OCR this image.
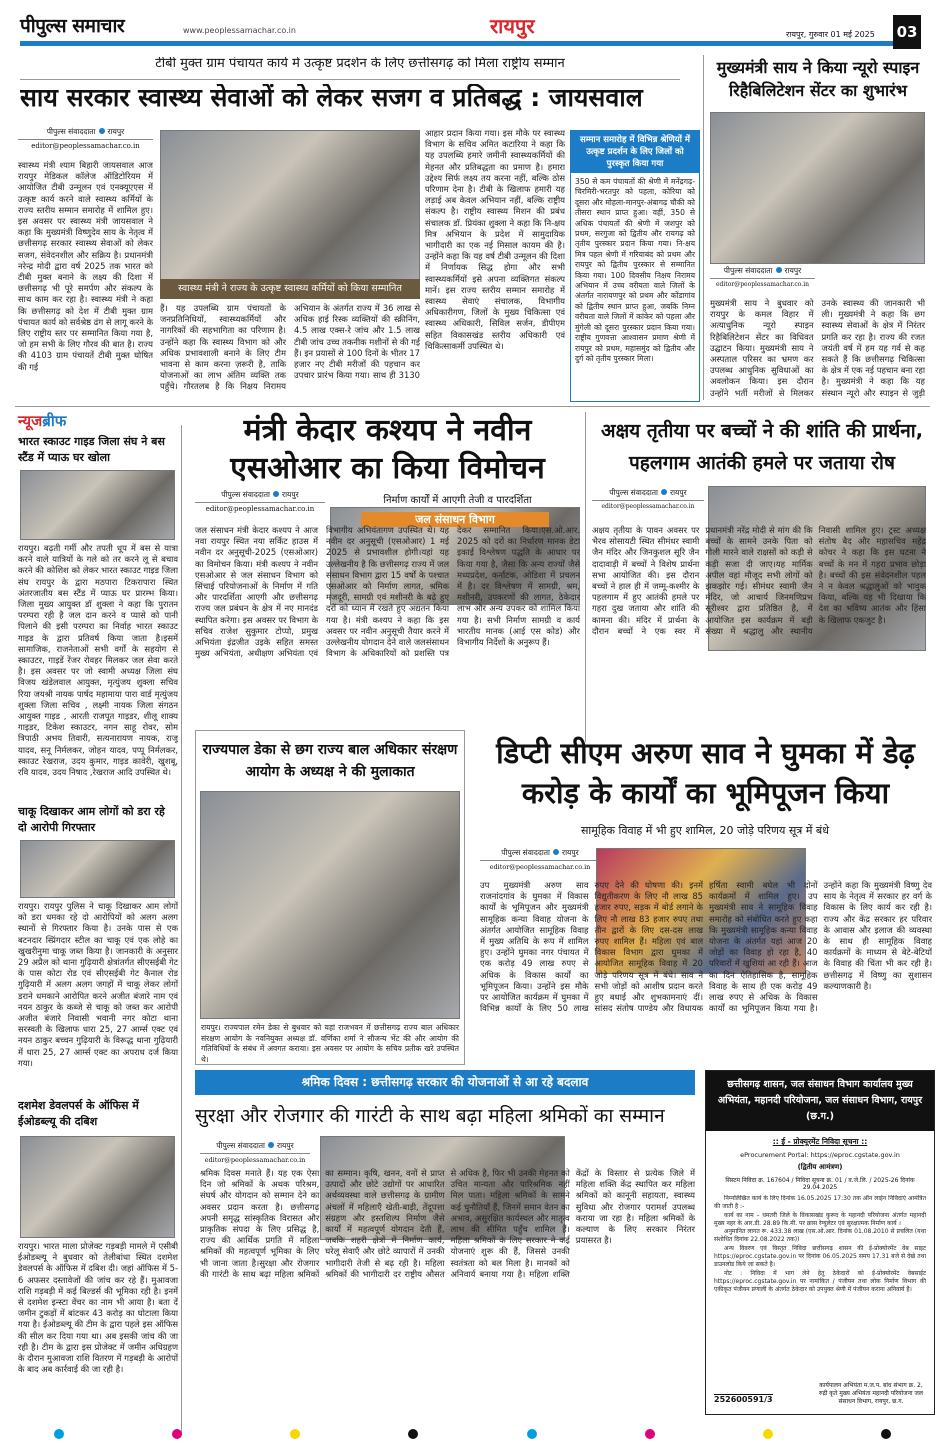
पीपुल्स समाचार	www.peoplessamachar.co.in	रायपुर	रायपुर, गुरुवार 01 मई 2025 03
टीबी मुक्त ग्राम पंचायत कार्य में उत्कृष्ट प्रदर्शन के लिए छत्तीसगढ़ को मिला राष्ट्रीय सम्मान
साय सरकार स्वास्थ्य सेवाओं को लेकर सजग व प्रतिबद्ध : जायसवाल
पीपुल्स संवाददाता रायपुर
editor@peoplessamachar.co.in
स्वास्थ्य मंत्री श्याम बिहारी जायसवाल आज रायपुर मेडिकल कॉलेज ऑडिटोरियम में आयोजित टीबी उन्मूलन एवं एनक्यूएएस में उत्कृष्ट कार्य करने वाले स्वास्थ्य कर्मियों के राज्य स्तरीय सम्मान समारोह में शामिल हुए। इस अवसर पर स्वास्थ्य मंत्री जायसवाल ने कहा कि मुख्यमंत्री विष्णुदेव साय के नेतृत्व में छत्तीसगढ़ सरकार स्वास्थ्य सेवाओं को लेकर सजग, संवेदनशील और सक्रिय है। प्रधानमंत्री नरेन्द्र मोदी द्वारा वर्ष 2025 तक भारत को टीबी मुक्त बनाने के लक्ष्य की दिशा में छत्तीसगढ़ भी पूरे समर्पण और संकल्प के साथ काम कर रहा है। स्वास्थ्य मंत्री ने कहा कि छत्तीसगढ़ को देश में टीबी मुक्त ग्राम पंचायत कार्य को सर्वश्रेष्ठ ढंग से लागू करने के लिए राष्ट्रीय स्तर पर सम्मानित किया गया है, जो हम सभी के लिए गौरव की बात है। राज्य की 4103 ग्राम पंचायतें टीबी मुक्त घोषित की गई
स्वास्थ्य मंत्री ने राज्य के उत्कृष्ट स्वास्थ्य कर्मियों को किया सम्मानित
हैं। यह उपलब्धि ग्राम पंचायतों के जनप्रतिनिधियों, स्वास्थ्यकर्मियों और नागरिकों की सहभागिता का परिणाम है। उन्होंने कहा कि स्वास्थ्य विभाग को और अधिक प्रभावशाली बनाने के लिए टीम भावना से काम करना ज़रूरी है, ताकि योजनाओं का लाभ अंतिम व्यक्ति तक पहुँचे। गौरतलब है कि निक्षय निरामय अभियान के अंतर्गत राज्य में 36 लाख से अधिक हाई रिस्क व्यक्तियों की स्क्रीनिंग, 4.5 लाख एक्स-रे जांच और 1.5 लाख टीबी जांच उच्च तकनीक मशीनों से की गई हैं। इन प्रयासों से 100 दिनों के भीतर 17 हजार नए टीबी मरीजों की पहचान कर उपचार प्रारंभ किया गया। साथ ही 3130
आहार प्रदान किया गया। इस मौके पर स्वास्थ्य विभाग के सचिव अमित कटारिया ने कहा कि यह उपलब्धि हमारे जमीनी स्वास्थ्यकर्मियों की मेहनत और प्रतिबद्धता का प्रमाण है। हमारा उद्देश्य सिर्फ लक्ष्य तय करना नहीं, बल्कि ठोस परिणाम देना है। टीबी के खिलाफ हमारी यह लड़ाई अब केवल अभियान नहीं, बल्कि राष्ट्रीय संकल्प है। राष्ट्रीय स्वास्थ्य मिशन की प्रबंध संचालक डॉ. प्रियंका शुक्ला ने कहा कि नि-क्षय मित्र अभियान के प्रदेश में सामुदायिक भागीदारी का एक नई मिसाल कायम की है। उन्होंने कहा कि यह वर्ष टीबी उन्मूलन की दिशा में निर्णायक सिद्ध होगा और सभी स्वास्थ्यकर्मियों इसे अपना व्यक्तिगत संकल्प मानें। इस राज्य स्तरीय सम्मान समारोह में स्वास्थ्य सेवाएं संचालक, विभागीय अधिकारीगण, जिलों के मुख्य चिकित्सा एवं स्वास्थ्य अधिकारी, सिविल सर्जन, डीपीएम सहित विकासखंड स्तरीय अधिकारी एवं चिकित्साकर्मी उपस्थित थे।
सम्मान समारोह में विभिन्न श्रेणियों में उत्कृष्ट प्रदर्शन के लिए जिलों को पुरस्कृत किया गया
350 से कम पंचायतों की श्रेणी में मनेंद्रगढ़-चिरमिरी-भरतपुर को पहला, कोरिया को दूसरा और मोहला-मानपुर-अंबागढ़ चौकी को तीसरा स्थान प्राप्त हुआ। वहीं, 350 से अधिक पंचायतों की श्रेणी में जशपुर को प्रथम, सरगुजा को द्वितीय और रायगढ़ को तृतीय पुरस्कार प्रदान किया गया। नि-क्षय मित्र पहल श्रेणी में गरियाबंद को प्रथम और रायपुर को द्वितीय पुरस्कार से सम्मानित किया गया। 100 दिवसीय निक्षय निरामय अभियान में उच्च वरीयता वाले जिलों के अंतर्गत नारायणपुर को प्रथम और कोंडागांव को द्वितीय स्थान प्राप्त हुआ, जबकि निम्न वरीयता वाले जिलों में कांकेर को पहला और मुंगेली को दूसरा पुरस्कार प्रदान किया गया। राष्ट्रीय गुणवत्ता आश्वासन प्रमाण श्रेणी में रायपुर को प्रथम, महासमुंद को द्वितीय और दुर्ग को तृतीय पुरस्कार मिला।
मुख्यमंत्री साय ने किया न्यूरो स्पाइन रिहैबिलिटेशन सेंटर का शुभारंभ
पीपुल्स संवाददाता रायपुर
editor@peoplessamachar.co.in
मुख्यमंत्री साय ने बुधवार को रायपुर के कमल विहार में अत्याधुनिक न्यूरो स्पाइन रिहैबिलिटेशन सेंटर का विधिवत उद्घाटन किया। मुख्यमंत्री साय ने अस्पताल परिसर का भ्रमण कर उपलब्ध आधुनिक सुविधाओं का अवलोकन किया। इस दौरान उन्होंने भर्ती मरीजों से मिलकर उनके स्वास्थ्य की जानकारी भी ली। मुख्यमंत्री ने कहा कि छग स्वास्थ्य सेवाओं के क्षेत्र में निरंतर प्रगति कर रहा है। राज्य की रजत जयंती वर्ष में हम यह गर्व से कह सकते हैं कि छत्तीसगढ़ चिकित्सा के क्षेत्र में एक नई पहचान बना रहा है। मुख्यमंत्री ने कहा कि यह संस्थान न्यूरो और स्पाइन से जुड़ी
न्यूजब्रीफ
भारत स्काउट गाइड जिला संघ ने बस स्टैंड में प्याऊ घर खोला
रायपुर। बढ़ती गर्मी और तपती धूप में बस से यात्रा करने वाले यात्रियों के गले को तर करने लू से बचाव करने की कोशिश को लेकर भारत स्काउट गाइड जिला संघ रायपुर के द्वारा मठपारा टिकरापारा स्थित अंतरजातीय बस स्टैंड में प्याऊ घर प्रारम्भ किया। जिला मुख्य आयुक्त डॉ शुक्ला ने कहा कि पुरातन परम्परा रही है जल दान करने व प्यासे को पानी पिलाने की इसी परम्परा का निर्वाह भारत स्काउट गाइड के द्वारा प्रतिवर्ष किया जाता है।इसमें सामाजिक, राजनेताओं सभी वर्गों के सहयोग से स्काउटर, गाइडें रेंजर रोवहर मिलकर जल सेवा करते है। इस अवसर पर जो स्वामी अध्यक्ष जिला संघ विजय खंडेलवाल आयुक्त, मृत्युंजय शुक्ला सचिव रिया जयश्री नायक पार्षद महामाया पारा वार्ड मृत्युंजय शुक्ला जिला सचिव , लक्ष्मी नायक जिला संगठन आयुक्त गाइड , आरती राजपूत गाइडर, शीलू शाक्य गाइडर, टिकेश स्काउटर, नगन साहू रोवर, सोम त्रिपाठी अभय तिवारी, सत्यनारायण नायक, राजू यादव, सनू निर्मलकर, जोहन यादव, पप्पू निर्मलकर, स्काउट रेखराज, उदय कुमार, गाइड कावेरी, खुशबू, रवि यादव, उदय निषाद ,रेखराज आदि उपस्थित थे।
चाकू दिखाकर आम लोगों को डरा रहे दो आरोपी गिरफ्तार
रायपुर। रायपुर पुलिस ने चाकू दिखाकर आम लोगों को डरा धमका रहे दो आरोपियों को अलग अलग स्थानों से गिरफ्तार किया है। उनके पास से एक बटनदार स्प्रिंगदार स्टील का चाकू एवं एक लोहे का खुखरीनुमा चाकू जब्त किया है। जानकारी के अनुसार 29 अप्रैल को थाना गुढ़ियारी क्षेत्रांतर्गत सीएसईबी गेट के पास कोटा रोड एवं सीएसईबी गेट कैनाल रोड गुढ़ियारी में अलग अलग जगहों में चाकू लेकर लोगों डराने धमकाने आरोपित करने अजीत बंजारे नाम एवं नयन ठाकुर के कब्जे से चाकू को जब्त कर आरोपी अजीत बंजारे निवासी भवानी नगर कोटा थाना सरस्वती के खिलाफ धारा 25, 27 आर्म्स एक्ट एवं नयन ठाकुर बच्चन गुढ़ियारी के विरूद्ध थाना गुढ़ियारी में धारा 25, 27 आर्म्स एक्ट का अपराध दर्ज किया गया।
दशमेश डेवलपर्स के ऑफिस में ईओडब्ल्यू की दबिश
रायपुर। भारत माला प्रोजेक्ट गड़बड़ी मामले में एसीबी ईओडब्ल्यू ने बुधवार को तेलीबांधा स्थित दशमेश डेवलपर्स के ऑफिस में दबिश दी। जहां ऑफिस में 5-6 अफसर दस्तावेजों की जांच कर रहे हैं। मुआवजा राशि गड़बड़ी में कई बिल्डर्स की भूमिका रही है। इनमें से दशमेश इन्स्टा वेंचर का नाम भी आया है। बता दें जमीन टुकड़ों में बांटकर 43 करोड़ का घोटाला किया गया है। ईओडब्ल्यू की टीम के द्वारा पहले इस ऑफिस की सील कर दिया गया था। अब इसकी जांच की जा रही है। टीम के द्वारा इस प्रोजेक्ट में जमीन अधिग्रहण के दौरान मुआवजा राशि वितरण में गड़बड़ी के आरोपों के बाद अब कार्रवाई की जा रही है।
मंत्री केदार कश्यप ने नवीन एसओआर का किया विमोचन
पीपुल्स संवाददाता रायपुर
editor@peoplessamachar.co.in
निर्माण कार्यों में आएगी तेजी व पारदर्शिता
जल संसाधन विभाग
जल संसाधन मंत्री केदार कश्यप ने आज नवा रायपुर स्थित नया सर्किट हाउस में नवीन दर अनुसूची-2025 (एसओआर) का विमोचन किया। मंत्री कश्यप ने नवीन एसओआर से जल संसाधन विभाग को सिंचाई परियोजनाओं के निर्माण में गति और पारदर्शिता आएगी और छत्तीसगढ़ राज्य जल प्रबंधन के क्षेत्र में नए मानदंड स्थापित करेगा। इस अवसर पर विभाग के सचिव राजेश सुकुमार टोप्पो, प्रमुख अभियंता इंद्रजीत उइके सहित समस्त मुख्य अभियंता, अधीक्षण अभियंता एवं विभागीय अभियंतागण उपस्थित थे। यह नवीन दर अनुसूची (एसओआर) 1 मई 2025 से प्रभावशील होगी।यहां यह उल्लेखनीय है कि छत्तीसगढ़ राज्य में जल संसाधन विभाग द्वारा 15 वर्षों के पश्चात एसओआर को निर्माण लागत, श्रमिक मजदूरी, सामग्री एवं मशीनरी के बढ़े हुए दरों को ध्यान में रखते हुए अद्यतन किया गया है। मंत्री कश्यप ने कहा कि इस अवसर पर नवीन अनुसूची तैयार करने में उल्लेखनीय योगदान देने वाले जलसंसाधन विभाग के अधिकारियों को प्रशस्ति पत्र देकर सम्मानित किया।एस.ओ.आर. 2025 को दरों का निर्धारण मानक डेटा इकाई विश्लेषण पद्धति के आधार पर किया गया है, जैसा कि अन्य राज्यों जैसे मध्यप्रदेश, कर्नाटक, ओडिशा में प्रचलन में है। दर विश्लेषण में सामग्री, श्रम, मशीनरी, उपकरणों की लागत, ठेकेदार लाभ और अन्य उपकर को शामिल किया गया है। सभी निर्माण सामग्री व कार्य भारतीय मानक (आई एस कोड) और विभागीय निर्देशों के अनुरूप हैं।
अक्षय तृतीया पर बच्चों ने की शांति की प्रार्थना, पहलगाम आतंकी हमले पर जताया रोष
पीपुल्स संवाददाता रायपुर
editor@peoplessamachar.co.in
अक्षय तृतीया के पावन अवसर पर भैरव सोसायटी स्थित सीमंधर स्वामी जैन मंदिर और जिनकुशल सूरि जैन दादावाड़ी में बच्चों ने विशेष प्रार्थना सभा आयोजित की। इस दौरान बच्चों ने हाल ही में जम्मू-कश्मीर के पहलगाम में हुए आतंकी हमले पर गहरा दुख जताया और शांति की कामना की। मंदिर में प्रार्थना के दौरान बच्चों ने एक स्वर में प्रधानमंत्री नरेंद्र मोदी से मांग की कि बच्चों के सामने उनके पिता को गोली मारने वाले राक्षसों को कड़ी से कड़ी सजा दी जाए।यह मार्मिक अपील वहां मौजूद सभी लोगों को झकझोर गई। सीमंधर स्वामी जैन मंदिर, जो आचार्य जिनमणिप्रभ सूरीश्वर द्वारा प्रतिष्ठित है, में आयोजित इस कार्यक्रम में बड़ी संख्या में श्रद्धालु और स्थानीय निवासी शामिल हुए। ट्रस्ट अध्यक्ष संतोष बैद और महासचिव महेंद्र कोचर ने कहा कि इस घटना ने बच्चों के मन में गहरा प्रभाव छोड़ा है। बच्चों की इस संवेदनशील पहल ने न केवल श्रद्धालुओं को भावुक किया, बल्कि यह भी दिखाया कि देश का भविष्य आतंक और हिंसा के खिलाफ एकजुट है।
राज्यपाल डेका से छग राज्य बाल अधिकार संरक्षण आयोग के अध्यक्ष ने की मुलाकात
रायपुर। राज्यपाल रमेन डेका से बुधवार को यहां राजभवन में छत्तीसगढ़ राज्य बाल अधिकार संरक्षण आयोग के नवनियुक्त अध्यक्ष डॉ. वर्णिका शर्मा ने सौजन्य भेंट की और आयोग की गतिविधियों के संबंध में अवगत कराया। इस अवसर पर आयोग के सचिव प्रतीक खरे उपस्थित थे।
डिप्टी सीएम अरुण साव ने घुमका में डेढ़ करोड़ के कार्यों का भूमिपूजन किया
सामूहिक विवाह में भी हुए शामिल, 20 जोड़े परिणय सूत्र में बंधे
पीपुल्स संवाददाता रायपुर
editor@peoplessamachar.co.in
उप मुख्यमंत्री अरुण साव राजनांदगांव के घुमका में विकास कार्यों के भूमिपूजन और मुख्यमंत्री सामूहिक कन्या विवाह योजना के अंतर्गत आयोजित सामूहिक विवाह में मुख्य अतिथि के रूप में शामिल हुए। उन्होंने घुमका नगर पंचायत में एक करोड़ 49 लाख रुपए से अधिक के विकास कार्यों का भूमिपूजन किया। उन्होंने इस मौके पर आयोजित कार्यक्रम में घुमका में विभिन्न कार्यों के लिए 50 लाख रुपए देने की घोषणा की। इनमें विद्युतीकरण के लिए नौ लाख 85 हजार रुपए, सड़क में बोर्ड लगाने के लिए नौ लाख 83 हजार रुपए तथा तीन द्वारों के लिए दस-दस लाख रुपए शामिल हैं। महिला एवं बाल विकास विभाग द्वारा घुमका में आयोजित सामूहिक विवाह में 20 जोड़े परिणय सूत्र में बंधे। साव ने सभी जोड़ों को आशीष प्रदान करते हुए बधाई और शुभकामनाएं दीं। सांसद संतोष पाण्डेय और विधायक हर्षिता स्वामी बघेल भी दोनों कार्यक्रमों में शामिल हुए। उप मुख्यमंत्री साव ने सामूहिक विवाह समारोह को संबोधित करते हुए कहा कि मुख्यमंत्री सामूहिक कन्या विवाह योजना के अंतर्गत यहां आज 20 जोड़ों का विवाह हो रहा है, 40 परिवारों में खुशियां आ रही हैं। आज का दिन ऐतिहासिक है, सामूहिक विवाह के साथ ही एक करोड़ 49 लाख रुपए से अधिक के विकास कार्यों का भूमिपूजन किया गया है। उन्होंने कहा कि मुख्यमंत्री विष्णु देव साय के नेतृत्व में सरकार हर वर्ग के विकास के लिए कार्य कर रही है। राज्य और केंद्र सरकार हर परिवार के आवास और इलाज की व्यवस्था के साथ ही सामूहिक विवाह कार्यक्रमों के माध्यम से बेटे-बेटियों के विवाह की चिंता भी कर रही है। छत्तीसगढ़ में विष्णु का सुशासन कल्याणकारी है।
श्रमिक दिवस : छत्तीसगढ़ सरकार की योजनाओं से आ रहे बदलाव
सुरक्षा और रोजगार की गारंटी के साथ बढ़ा महिला श्रमिकों का सम्मान
पीपुल्स संवाददाता रायपुर
editor@peoplessamachar.co.in
श्रमिक दिवस मनाते हैं। यह एक ऐसा दिन जो श्रमिकों के अथक परिश्रम, संघर्ष और योगदान को सम्मान देने का अवसर प्रदान करता है। छत्तीसगढ़ अपनी समृद्ध सांस्कृतिक विरासत और प्राकृतिक संपदा के लिए प्रसिद्ध है, राज्य की आर्थिक प्रगति में महिला श्रमिकों की महत्वपूर्ण भूमिका के लिए भी जाना जाता है।सुरक्षा और रोजगार की गारंटी के साथ बढ़ा महिला श्रमिकों का सम्मान। कृषि, खनन, वनों से प्राप्त उत्पादों और छोटे उद्योगों पर आधारित अर्थव्यवस्था वाले छत्तीसगढ़ के ग्रामीण अंचलों में महिलाएँ खेती-बाड़ी, तेंदूपत्ता संग्रहण और हस्तशिल्प निर्माण जैसे कार्यों में महत्वपूर्ण योगदान देती हैं, जबकि शहरी क्षेत्रों में निर्माण कार्य, घरेलू सेवाएँ और छोटे व्यापारों में उनकी भागीदारी तेजी से बढ़ रही है। महिला श्रमिकों की भागीदारी दर राष्ट्रीय औसत से अधिक है, फिर भी उनकी मेहनत को उचित मान्यता और पारिश्रमिक नहीं मिल पाता। महिला श्रमिकों के सामने कई चुनौतियाँ हैं, जिनमें समान वेतन का अभाव, असुरक्षित कार्यस्थल और मातृत्व लाभ की सीमित पहुँच शामिल हैं। महिला श्रमिकों के लिए सरकार ने कई योजनाएं शुरू की हैं, जिससे उनकी स्वतंत्रता को बल मिला है। मानकों को अनिवार्य बनाया गया है। महिला शक्ति केंद्रों के विस्तार से प्रत्येक जिले में महिला शक्ति केंद्र स्थापित कर महिला श्रमिकों को कानूनी सहायता, स्वास्थ्य सुविधा और रोजगार परामर्श उपलब्ध कराया जा रहा है। महिला श्रमिकों के कल्याण के लिए सरकार निरंतर प्रयासरत है।
छत्तीसगढ़ शासन, जल संसाधन विभाग कार्यालय मुख्य अभियंता, महानदी परियोजना, जल संसाधन विभाग, रायपुर (छ.ग.)
:: ई - प्रोक्यूरमेंट निविदा सूचना ::
eProcurement Portal: https://eproc.cgstate.gov.in
(द्वितीय आमंत्रण)
सिस्टम निविदा क्र. 167604 / निविदा सूचना क्र. 01 / व.जे.लि. / 2025-26 दिनांक 29.04.2025

निम्नलिखित कार्य के लिए दिनांक 16.05.2025 17:30 तक ऑन लाईन निविदाएं आमंत्रित की जाती है :-

कार्य का नाम – धमतरी जिले के विकासखंड कुरूद के महानदी परियोजना अंतर्गत महानदी मुख्य नहर के आर.डी. 28.89 कि.मी. पर क्रास रेग्युलेटर एवं सुरक्षात्मक निर्माण कार्य ।

अनुमानित लागत रू. 433.38 लाख (एस.ओ.आर. दिनांक 01.08.2010 से प्रचलित (यथा संशोधित दिनांक 22.08.2022 तक))

अन्य विवरण एवं विस्तृत निविदा छत्तीसगढ़ शासन की ई-प्रोक्योरमेंट वेब साइट https://eproc.cgstate.gov.in पर दिनांक 06.05.2025 समय 17.31 बजे से देखे तथा डाउनलोड किये जा सकते है।

नोट : निविदा में भाग लेने हेतु ठेकेदारों को ई-प्रोक्योरमेंट वेबसाईट https://eproc.cgstate.gov.in पर नामांकित / पंजीयन तथा लोक निर्माण विभाग की एकीकृत पंजीयन प्रणाली के अंतर्गत ठेकेदार को उपयुक्त श्रेणी में पंजीयन कराना अनिवार्य है।

कार्यपालन अभियंता म.ज.प. बांध संभाग क्र. 2, रुद्री कृते मुख्य अभियंता महानदी परियोजना जल संसाधन विभाग, रायपुर, छ.ग.
252600591/3
